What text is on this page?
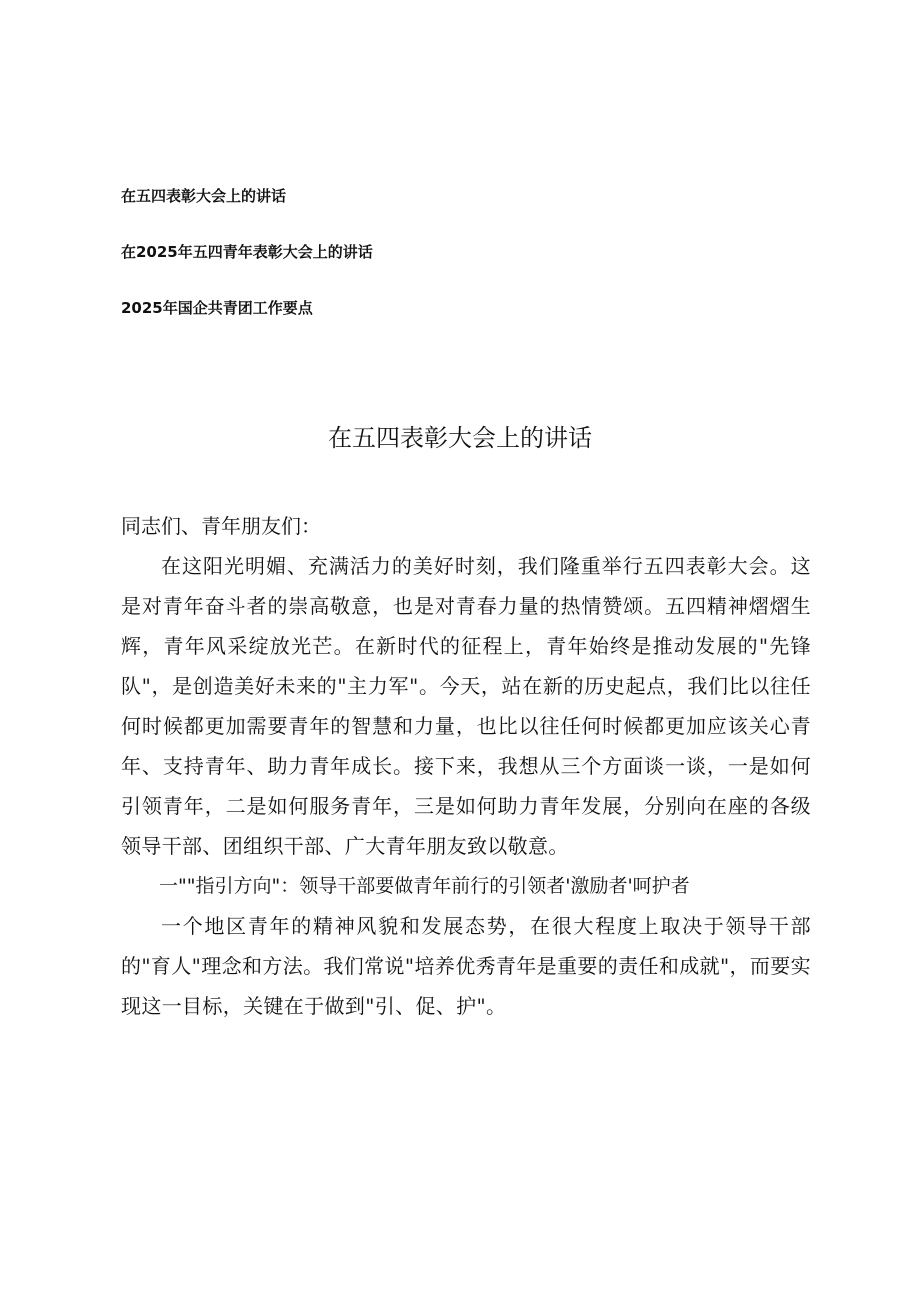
在五四表彰大会上的讲话
在2025年五四青年表彰大会上的讲话
2025年国企共青团工作要点
在五四表彰大会上的讲话

同志们、青年朋友们：

在这阳光明媚、充满活力的美好时刻，我们隆重举行五四表彰大会。这是对青年奋斗者的崇高敬意，也是对青春力量的热情赞颂。五四精神熠熠生辉，青年风采绽放光芒。在新时代的征程上，青年始终是推动发展的"先锋队"，是创造美好未来的"主力军"。今天，站在新的历史起点，我们比以往任何时候都更加需要青年的智慧和力量，也比以往任何时候都更加应该关心青年、支持青年、助力青年成长。接下来，我想从三个方面谈一谈，一是如何引领青年，二是如何服务青年，三是如何助力青年发展，分别向在座的各级领导干部、团组织干部、广大青年朋友致以敬意。

一""指引方向"：领导干部要做青年前行的引领者'激励者'呵护者

一个地区青年的精神风貌和发展态势，在很大程度上取决于领导干部的"育人"理念和方法。我们常说"培养优秀青年是重要的责任和成就"，而要实现这一目标，关键在于做到"引、促、护"。
